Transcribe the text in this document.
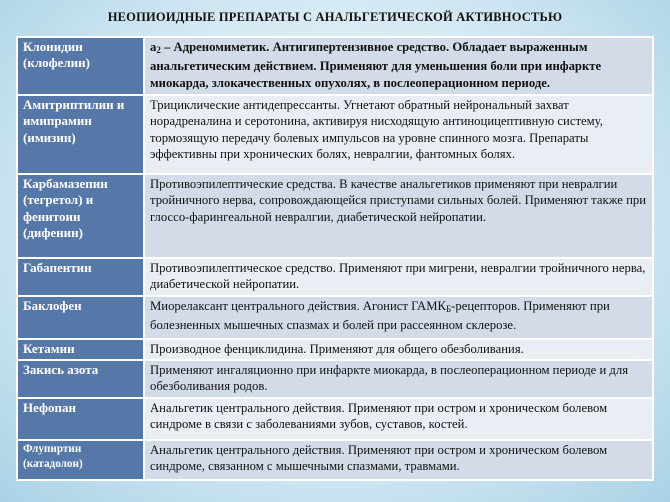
НЕОПИОИДНЫЕ ПРЕПАРАТЫ С АНАЛЬГЕТИЧЕСКОЙ АКТИВНОСТЬЮ
Клонидин (клофелин)	$a_2$ – Адреномиметик. Антигипертензивное средство. Обладает выраженным анальгетическим действием. Применяют для уменьшения боли при инфаркте миокарда, злокачественных опухолях, в послеоперационном периоде.
Амитриптилин и имипрамин (имизин)	Трициклические антидепрессанты. Угнетают обратный нейрональный захват норадреналина и серотонина, активируя нисходящую антиноцицептивную систему, тормозящую передачу болевых импульсов на уровне спинного мозга. Препараты эффективны при хронических болях, невралгии, фантомных болях.
Карбамазепин (тегретол) и фенитоин (дифенин)	Противоэпилептические средства. В качестве анальгетиков применяют при невралгии тройничного нерва, сопровождающейся приступами сильных болей. Применяют также при глоссо-фарингеальной невралгии, диабетической нейропатии.
Габапентин	Противоэпилептическое средство. Применяют при мигрени, невралгии тройничного нерва, диабетической нейропатии.
Баклофен	Миорелаксант центрального действия. Агонист $ГАМК_Б$-рецепторов. Применяют при болезненных мышечных спазмах и болей при рассеянном склерозе.
Кетамин	Производное фенциклидина. Применяют для общего обезболивания.
Закись азота	Применяют ингаляционно при инфаркте миокарда, в послеоперационном периоде и для обезболивания родов.
Нефопан	Анальгетик центрального действия. Применяют при остром и хроническом болевом синдроме в связи с заболеваниями зубов, суставов, костей.
Флупиртин (катадолон)	Анальгетик центрального действия. Применяют при остром и хроническом болевом синдроме, связанном с мышечными спазмами, травмами.
